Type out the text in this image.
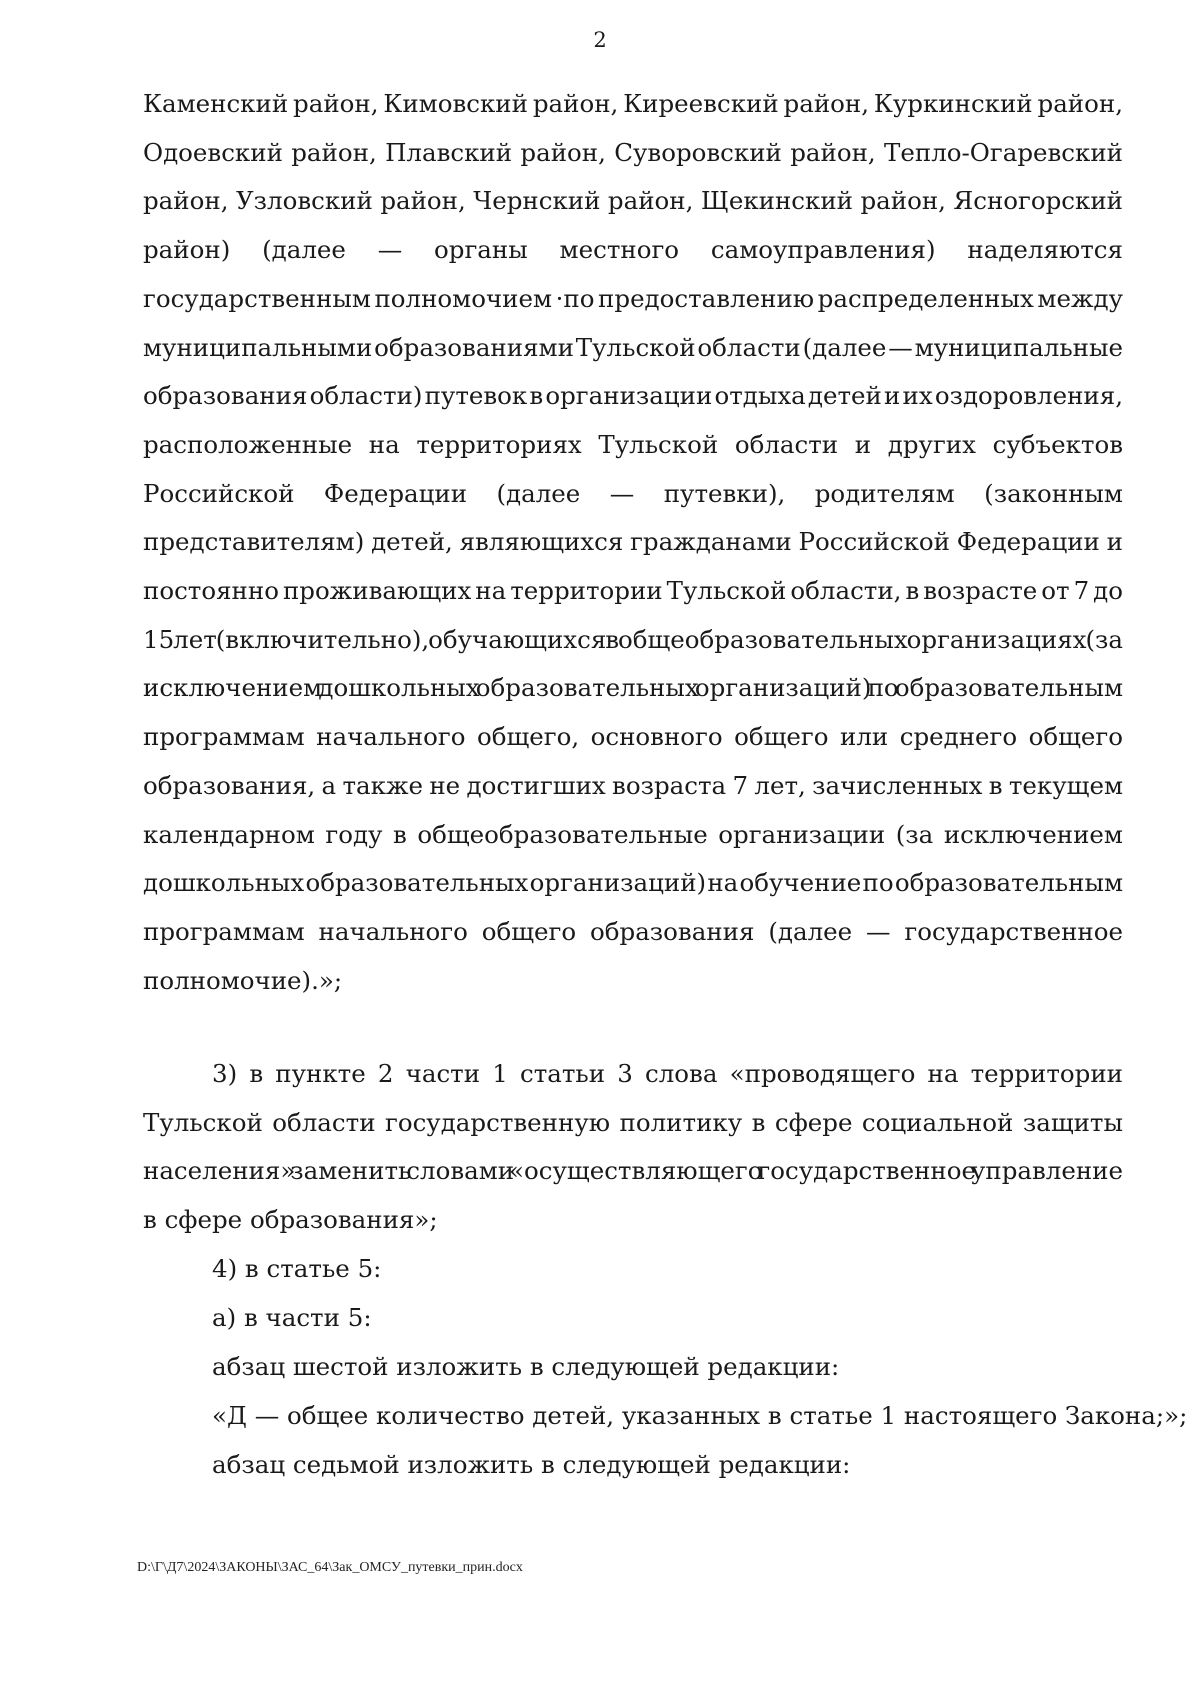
2
Каменский район, Кимовский район, Киреевский район, Куркинский район,
Одоевский район, Плавский район, Суворовский район, Тепло-Огаревский
район, Узловский район, Чернский район, Щекинский район, Ясногорский
район) (далее — органы местного самоуправления) наделяются
государственным полномочием ·по предоставлению распределенных между
муниципальными образованиями Тульской области (далее — муниципальные
образования области) путевок в организации отдыха детей и их оздоровления,
расположенные на территориях Тульской области и других субъектов
Российской Федерации (далее — путевки), родителям (законным
представителям) детей, являющихся гражданами Российской Федерации и
постоянно проживающих на территории Тульской области, в возрасте от 7 до
15 лет (включительно), обучающихся в общеобразовательных организациях (за
исключением дошкольных образовательных организаций) по образовательным
программам начального общего, основного общего или среднего общего
образования, а также не достигших возраста 7 лет, зачисленных в текущем
календарном году в общеобразовательные организации (за исключением
дошкольных образовательных организаций) на обучение по образовательным
программам начального общего образования (далее — государственное
полномочие).»;
3) в пункте 2 части 1 статьи 3 слова «проводящего на территории
Тульской области государственную политику в сфере социальной защиты
населения» заменить словами «осуществляющего государственное управление
в сфере образования»;
4) в статье 5:
а) в части 5:
абзац шестой изложить в следующей редакции:
«Д — общее количество детей, указанных в статье 1 настоящего Закона;»;
абзац седьмой изложить в следующей редакции:
D:\Г\Д7\2024\ЗАКОНЫ\ЗАС_64\Зак_ОМСУ_путевки_прин.docx
